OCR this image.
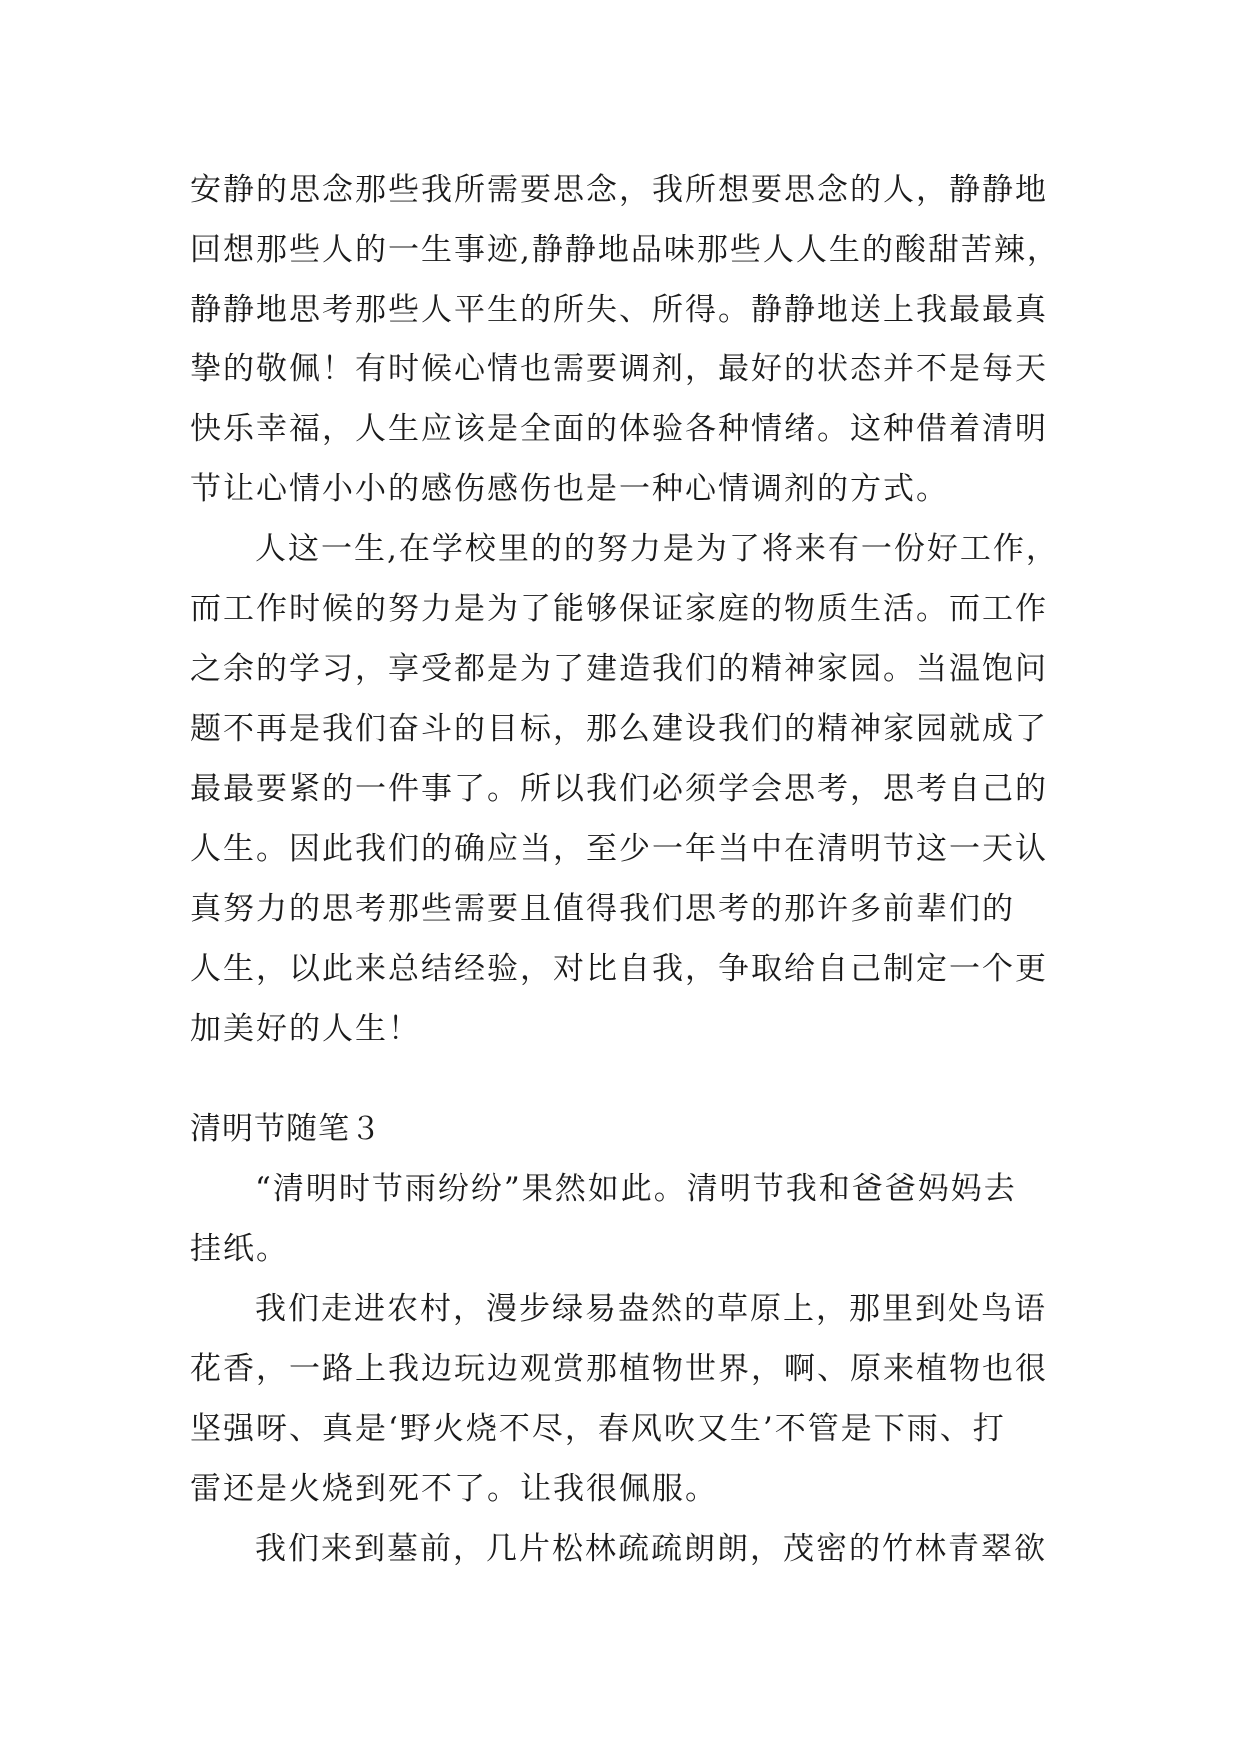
安静的思念那些我所需要思念，我所想要思念的人，静静地
回想那些人的一生事迹,静静地品味那些人人生的酸甜苦辣，
静静地思考那些人平生的所失、所得。静静地送上我最最真
挚的敬佩！有时候心情也需要调剂，最好的状态并不是每天
快乐幸福，人生应该是全面的体验各种情绪。这种借着清明
节让心情小小的感伤感伤也是一种心情调剂的方式。
人这一生,在学校里的的努力是为了将来有一份好工作，
而工作时候的努力是为了能够保证家庭的物质生活。而工作
之余的学习，享受都是为了建造我们的精神家园。当温饱问
题不再是我们奋斗的目标，那么建设我们的精神家园就成了
最最要紧的一件事了。所以我们必须学会思考，思考自己的
人生。因此我们的确应当，至少一年当中在清明节这一天认
真努力的思考那些需要且值得我们思考的那许多前辈们的
人生，以此来总结经验，对比自我，争取给自己制定一个更
加美好的人生！
清明节随笔３
“清明时节雨纷纷”果然如此。清明节我和爸爸妈妈去
挂纸。
我们走进农村，漫步绿易盎然的草原上，那里到处鸟语
花香，一路上我边玩边观赏那植物世界，啊、原来植物也很
坚强呀、真是‘野火烧不尽，春风吹又生’不管是下雨、打
雷还是火烧到死不了。让我很佩服。
我们来到墓前，几片松林疏疏朗朗，茂密的竹林青翠欲
